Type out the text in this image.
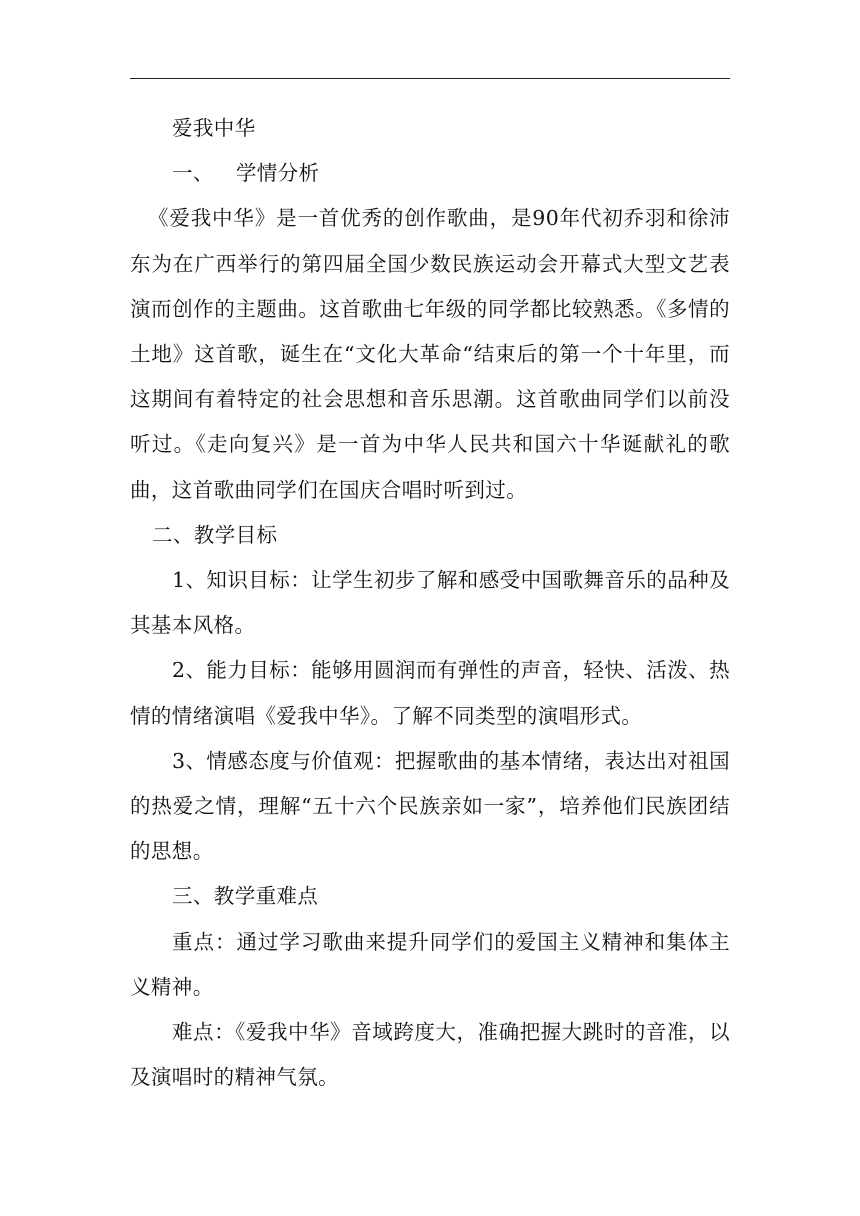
爱我中华

一、 学情分析

《爱我中华》是一首优秀的创作歌曲，是90年代初乔羽和徐沛东为在广西举行的第四届全国少数民族运动会开幕式大型文艺表演而创作的主题曲。这首歌曲七年级的同学都比较熟悉。《多情的土地》这首歌，诞生在“文化大革命“结束后的第一个十年里，而这期间有着特定的社会思想和音乐思潮。这首歌曲同学们以前没听过。《走向复兴》是一首为中华人民共和国六十华诞献礼的歌曲，这首歌曲同学们在国庆合唱时听到过。

二、教学目标

1、知识目标：让学生初步了解和感受中国歌舞音乐的品种及其基本风格。

2、能力目标：能够用圆润而有弹性的声音，轻快、活泼、热情的情绪演唱《爱我中华》。了解不同类型的演唱形式。

3、情感态度与价值观：把握歌曲的基本情绪，表达出对祖国的热爱之情，理解“五十六个民族亲如一家”，培养他们民族团结的思想。

三、教学重难点

重点：通过学习歌曲来提升同学们的爱国主义精神和集体主义精神。

难点：《爱我中华》音域跨度大，准确把握大跳时的音准，以及演唱时的精神气氛。
